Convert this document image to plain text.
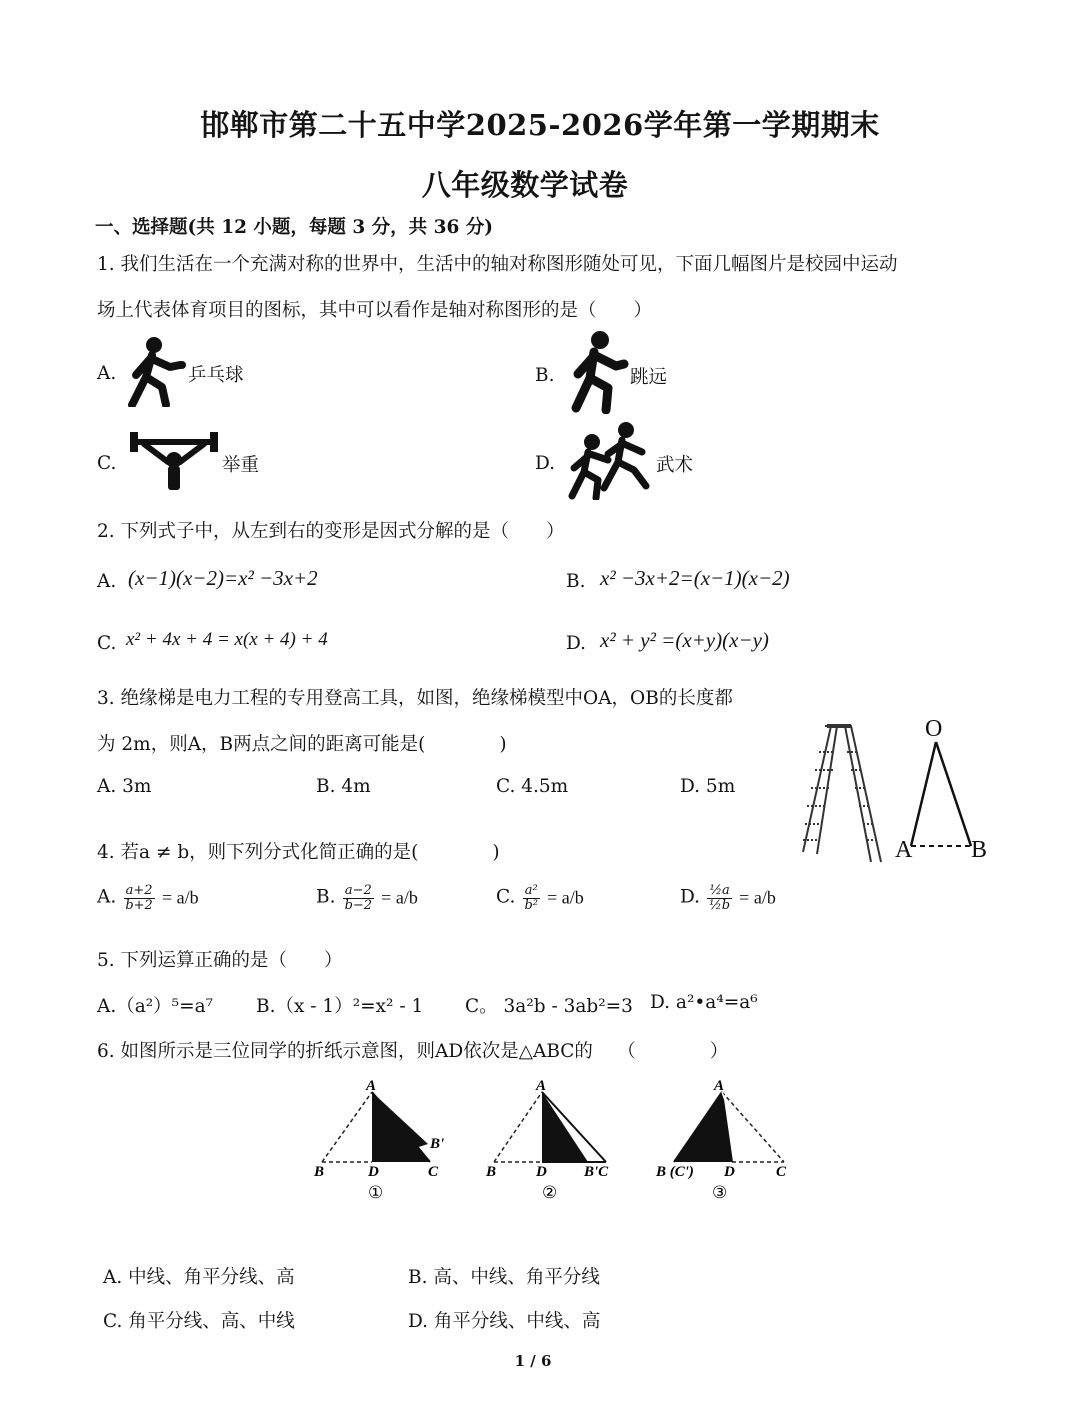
邯郸市第二十五中学2025-2026学年第一学期期末
八年级数学试卷
一、选择题(共 12 小题，每题 3 分，共 36 分)
1. 我们生活在一个充满对称的世界中，生活中的轴对称图形随处可见，下面几幅图片是校园中运动
场上代表体育项目的图标，其中可以看作是轴对称图形的是（　　）
A.	乒乓球	B.	跳远
C.	举重	D.	武术
2. 下列式子中，从左到右的变形是因式分解的是（　　）
A. (x−1)(x−2)=x² −3x+2	B. x² −3x+2=(x−1)(x−2)
C. x² + 4x + 4 = x(x + 4) + 4	D. x² + y² =(x+y)(x−y)
3. 绝缘梯是电力工程的专用登高工具，如图，绝缘梯模型中OA，OB的长度都
为 2m，则A，B两点之间的距离可能是(　　　　)
A. 3m	B. 4m	C. 4.5m	D. 5m
O
A B
4. 若a ≠ b，则下列分式化简正确的是(　　　　)
A. $\frac{a+2}{b+2} = a/b$	B. $\frac{a-2}{b-2} = a/b$	C. $\frac{\text{a²}}{\text{b²}} = a/b$	D. $\frac{\text{½a}}{\text{½b}} = a/b$
5. 下列运算正确的是（　　）
A.（a²）⁵=a⁷ B.（x - 1）²=x² - 1 C。 3a²b - 3ab²=3 D. a²•a⁴=a⁶
6. 如图所示是三位同学的折纸示意图，则AD依次是△ABC的　 （　　　　）
A
B'
B	D	C
①
A
B	D B'C
②
A
B (C') D	C
③
A. 中线、角平分线、高	B. 高、中线、角平分线
C. 角平分线、高、中线	D. 角平分线、中线、高
1 / 6
